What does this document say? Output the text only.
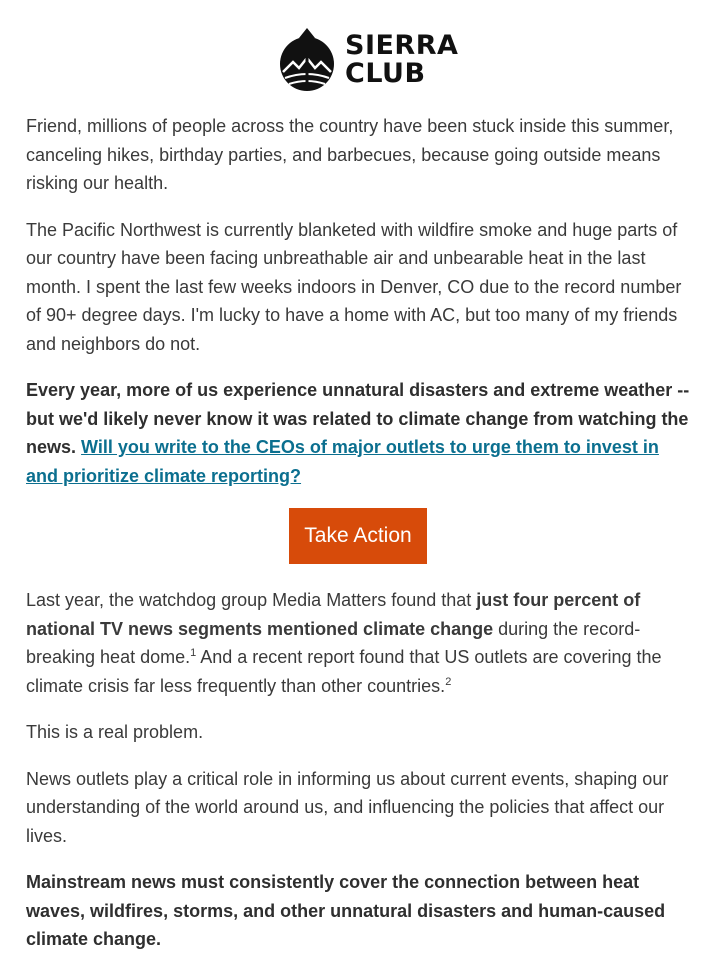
SIERRA
CLUB

Friend, millions of people across the country have been stuck inside this summer, canceling hikes, birthday parties, and barbecues, because going outside means risking our health.

The Pacific Northwest is currently blanketed with wildfire smoke and huge parts of our country have been facing unbreathable air and unbearable heat in the last month. I spent the last few weeks indoors in Denver, CO due to the record number of 90+ degree days. I'm lucky to have a home with AC, but too many of my friends and neighbors do not.

Every year, more of us experience unnatural disasters and extreme weather -- but we'd likely never know it was related to climate change from watching the news. Will you write to the CEOs of major outlets to urge them to invest in and prioritize climate reporting?

Take Action

Last year, the watchdog group Media Matters found that just four percent of national TV news segments mentioned climate change during the record-breaking heat dome.$^1$ And a recent report found that US outlets are covering the climate crisis far less frequently than other countries.$^2$

This is a real problem.

News outlets play a critical role in informing us about current events, shaping our understanding of the world around us, and influencing the policies that affect our lives.

Mainstream news must consistently cover the connection between heat waves, wildfires, storms, and other unnatural disasters and human-caused climate change.
